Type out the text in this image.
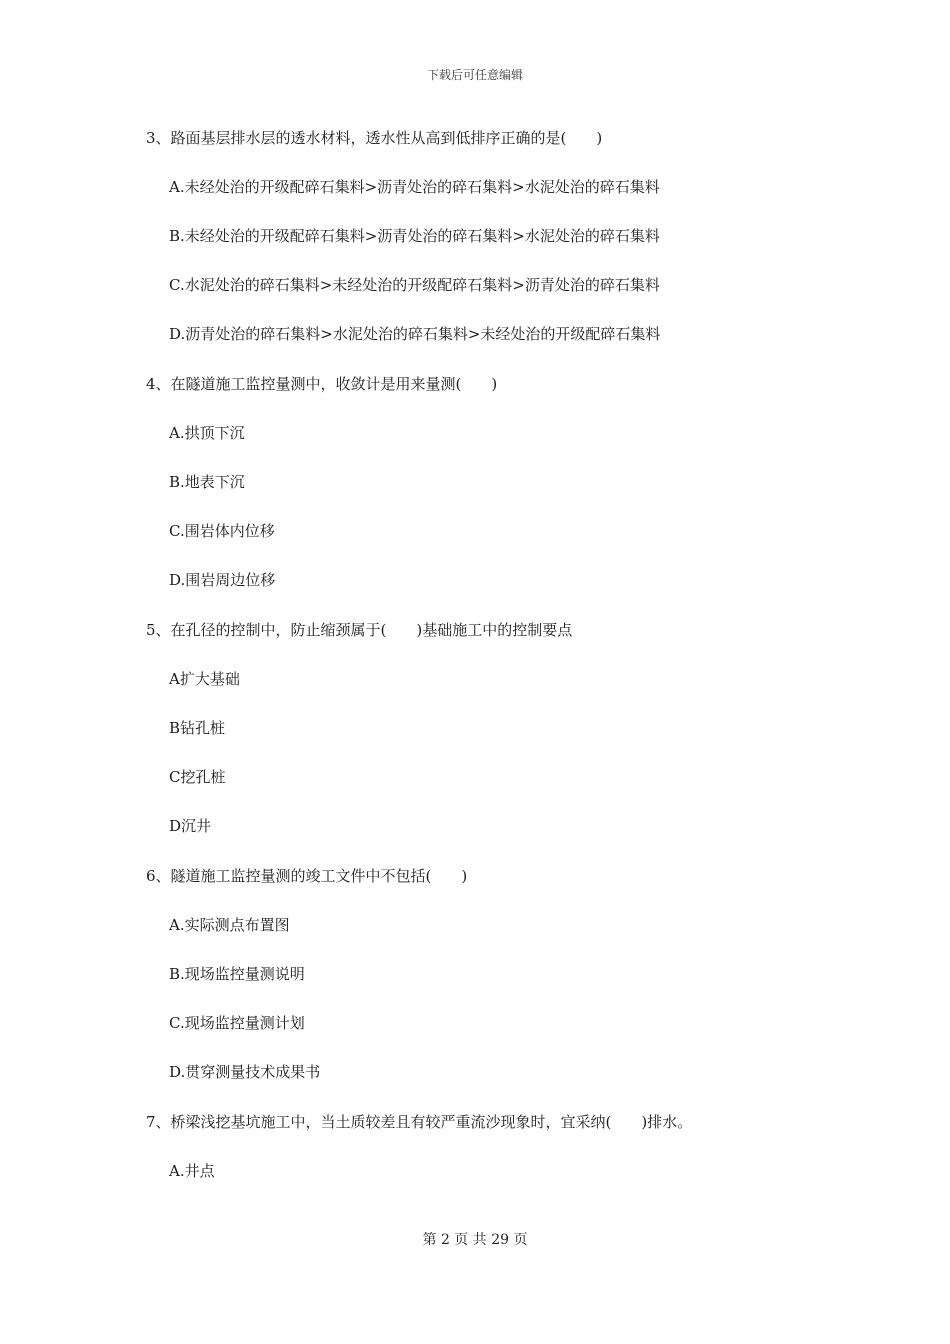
下载后可任意编辑
3、路面基层排水层的透水材料，透水性从高到低排序正确的是(　　)
A.未经处治的开级配碎石集料>沥青处治的碎石集料>水泥处治的碎石集料
B.未经处治的开级配碎石集料>沥青处治的碎石集料>水泥处治的碎石集料
C.水泥处治的碎石集料>未经处治的开级配碎石集料>沥青处治的碎石集料
D.沥青处治的碎石集料>水泥处治的碎石集料>未经处治的开级配碎石集料
4、在隧道施工监控量测中，收敛计是用来量测(　　)
A.拱顶下沉
B.地表下沉
C.围岩体内位移
D.围岩周边位移
5、在孔径的控制中，防止缩颈属于(　　)基础施工中的控制要点
A扩大基础
B钻孔桩
C挖孔桩
D沉井
6、隧道施工监控量测的竣工文件中不包括(　　)
A.实际测点布置图
B.现场监控量测说明
C.现场监控量测计划
D.贯穿测量技术成果书
7、桥梁浅挖基坑施工中，当土质较差且有较严重流沙现象时，宜采纳(　　)排水。
A.井点
第 2 页 共 29 页
